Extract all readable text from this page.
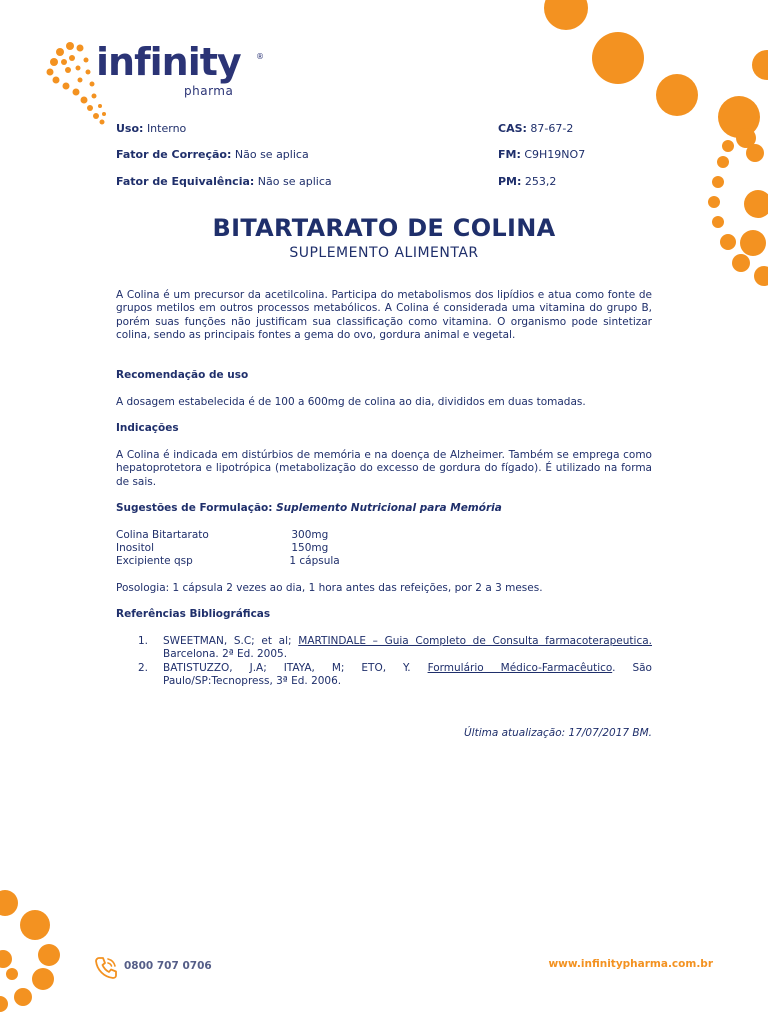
infinity ®
pharma
Uso: Interno
Fator de Correção: Não se aplica
Fator de Equivalência: Não se aplica
CAS: 87-67-2
FM: C9H19NO7
PM: 253,2
BITARTARATO DE COLINA
SUPLEMENTO ALIMENTAR
A Colina é um precursor da acetilcolina. Participa do metabolismos dos lipídios e atua como fonte de grupos metilos em outros processos metabólicos. A Colina é considerada uma vitamina do grupo B, porém suas funções não justificam sua classificação como vitamina. O organismo pode sintetizar colina, sendo as principais fontes a gema do ovo, gordura animal e vegetal.
Recomendação de uso
A dosagem estabelecida é de 100 a 600mg de colina ao dia, divididos em duas tomadas.
Indicações
A Colina é indicada em distúrbios de memória e na doença de Alzheimer. Também se emprega como hepatoprotetora e lipotrópica (metabolização do excesso de gordura do fígado). É utilizado na forma de sais.
Sugestões de Formulação: Suplemento Nutricional para Memória
Colina Bitartarato	300mg
Inositol	150mg
Excipiente qsp	1 cápsula
Posologia: 1 cápsula 2 vezes ao dia, 1 hora antes das refeições, por 2 a 3 meses.
Referências Bibliográficas
1. SWEETMAN, S.C; et al; MARTINDALE – Guia Completo de Consulta farmacoterapeutica. Barcelona. 2ª Ed. 2005.
2. BATISTUZZO, J.A; ITAYA, M; ETO, Y. Formulário Médico-Farmacêutico. São Paulo/SP:Tecnopress, 3ª Ed. 2006.
Última atualização: 17/07/2017 BM.
0800 707 0706	www.infinitypharma.com.br
